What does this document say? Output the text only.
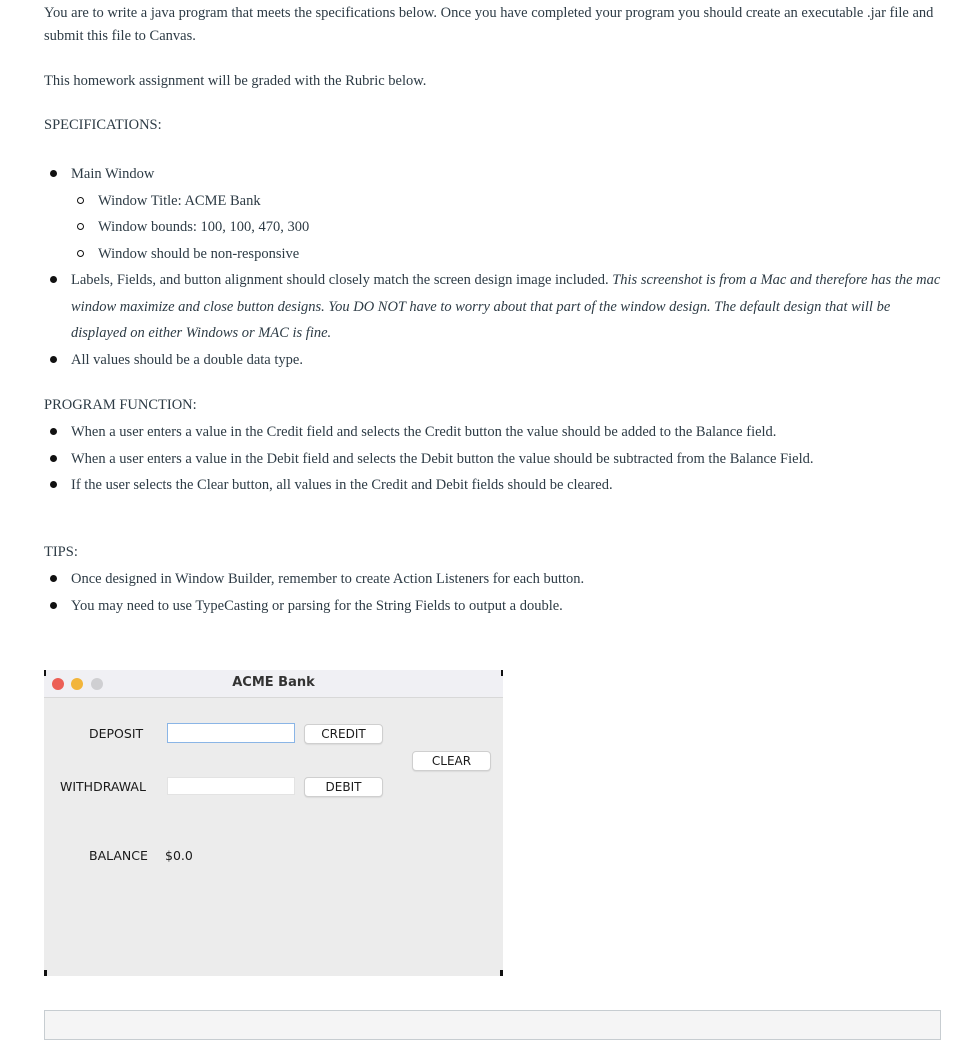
You are to write a java program that meets the specifications below. Once you have completed your program you should create an executable .jar file and submit this file to Canvas.

This homework assignment will be graded with the Rubric below.

SPECIFICATIONS:

Main Window
Window Title: ACME Bank
Window bounds: 100, 100, 470, 300
Window should be non-responsive
Labels, Fields, and button alignment should closely match the screen design image included. This screenshot is from a Mac and therefore has the mac window maximize and close button designs. You DO NOT have to worry about that part of the window design. The default design that will be displayed on either Windows or MAC is fine.
All values should be a double data type.

PROGRAM FUNCTION:

When a user enters a value in the Credit field and selects the Credit button the value should be added to the Balance field.
When a user enters a value in the Debit field and selects the Debit button the value should be subtracted from the Balance Field.
If the user selects the Clear button, all values in the Credit and Debit fields should be cleared.

TIPS:

Once designed in Window Builder, remember to create Action Listeners for each button.
You may need to use TypeCasting or parsing for the String Fields to output a double.
ACME Bank
DEPOSIT	CREDIT
CLEAR
WITHDRAWAL	DEBIT
BALANCE $0.0
